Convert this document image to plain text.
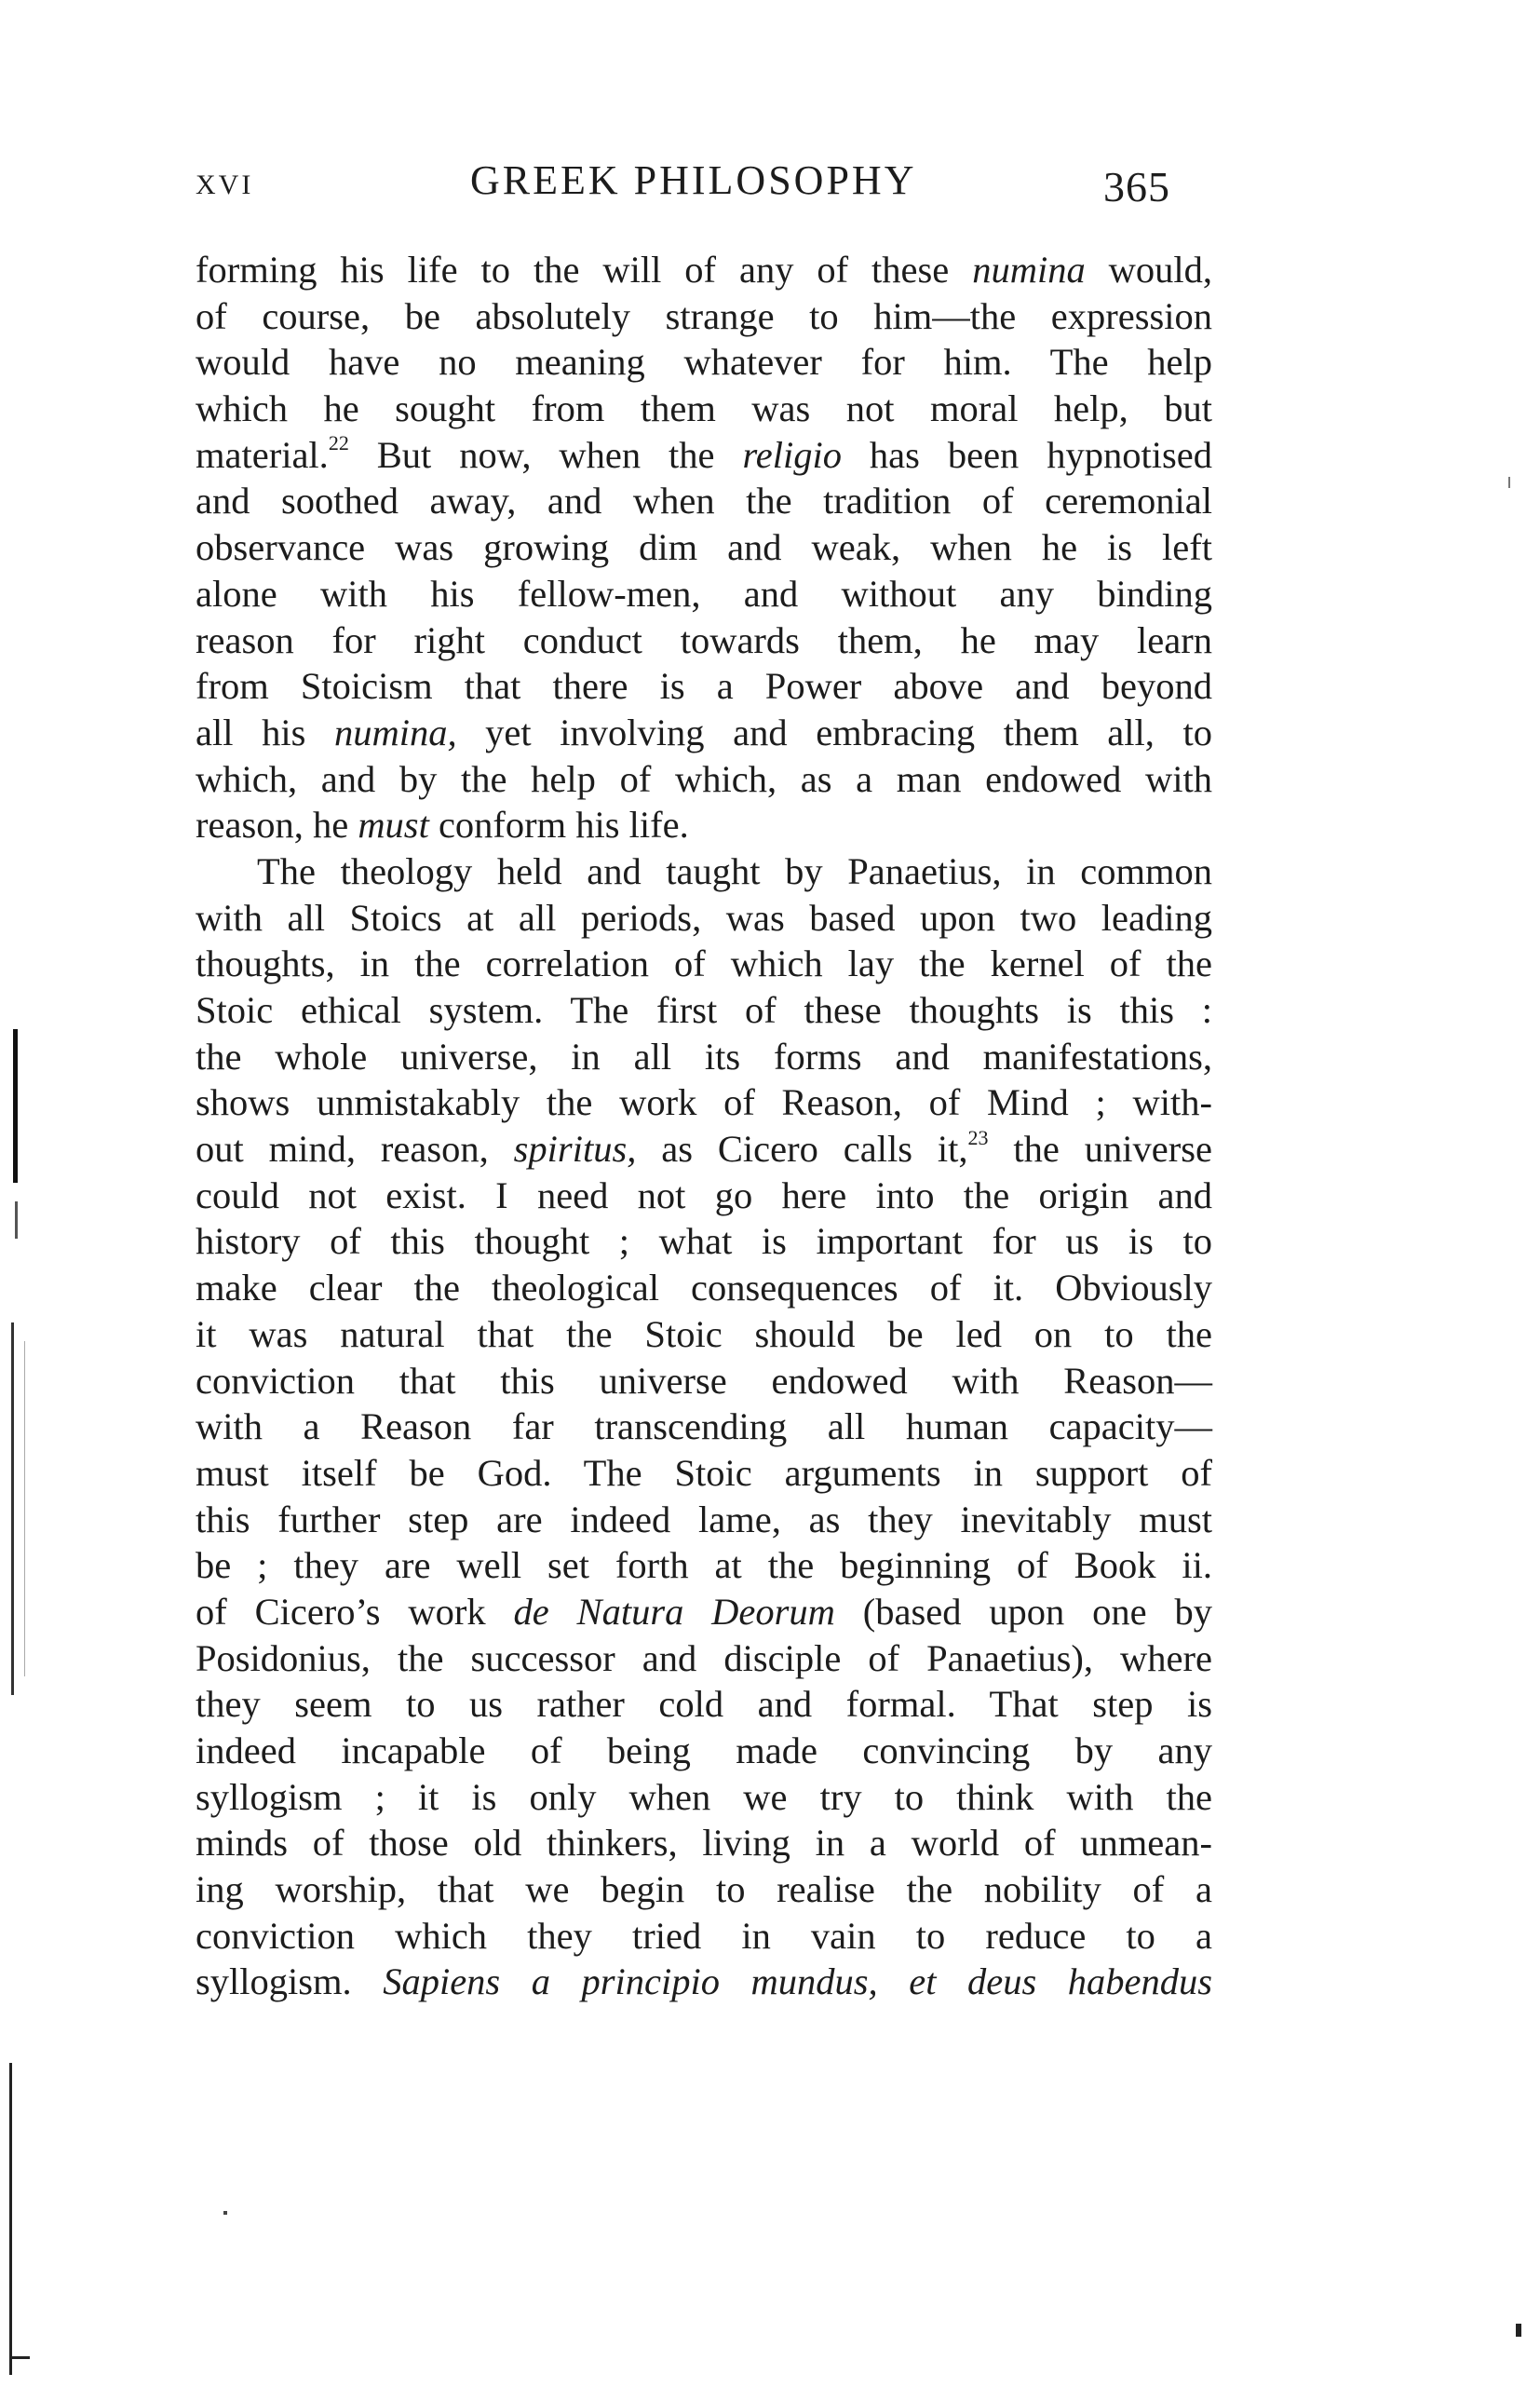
XVI	GREEK PHILOSOPHY	365
forming his life to the will of any of these numina would,
of course, be absolutely strange to him—the expression
would have no meaning whatever for him. The help
which he sought from them was not moral help, but
material.$^{22}$ But now, when the religio has been hypnotised
and soothed away, and when the tradition of ceremonial
observance was growing dim and weak, when he is left
alone with his fellow-men, and without any binding
reason for right conduct towards them, he may learn
from Stoicism that there is a Power above and beyond
all his numina, yet involving and embracing them all, to
which, and by the help of which, as a man endowed with
reason, he must conform his life.
The theology held and taught by Panaetius, in common
with all Stoics at all periods, was based upon two leading
thoughts, in the correlation of which lay the kernel of the
Stoic ethical system. The first of these thoughts is this :
the whole universe, in all its forms and manifestations,
shows unmistakably the work of Reason, of Mind ; with-
out mind, reason, spiritus, as Cicero calls it,$^{23}$ the universe
could not exist. I need not go here into the origin and
history of this thought ; what is important for us is to
make clear the theological consequences of it. Obviously
it was natural that the Stoic should be led on to the
conviction that this universe endowed with Reason—
with a Reason far transcending all human capacity—
must itself be God. The Stoic arguments in support of
this further step are indeed lame, as they inevitably must
be ; they are well set forth at the beginning of Book ii.
of Cicero’s work de Natura Deorum (based upon one by
Posidonius, the successor and disciple of Panaetius), where
they seem to us rather cold and formal. That step is
indeed incapable of being made convincing by any
syllogism ; it is only when we try to think with the
minds of those old thinkers, living in a world of unmean-
ing worship, that we begin to realise the nobility of a
conviction which they tried in vain to reduce to a
syllogism. Sapiens a principio mundus, et deus habendus
